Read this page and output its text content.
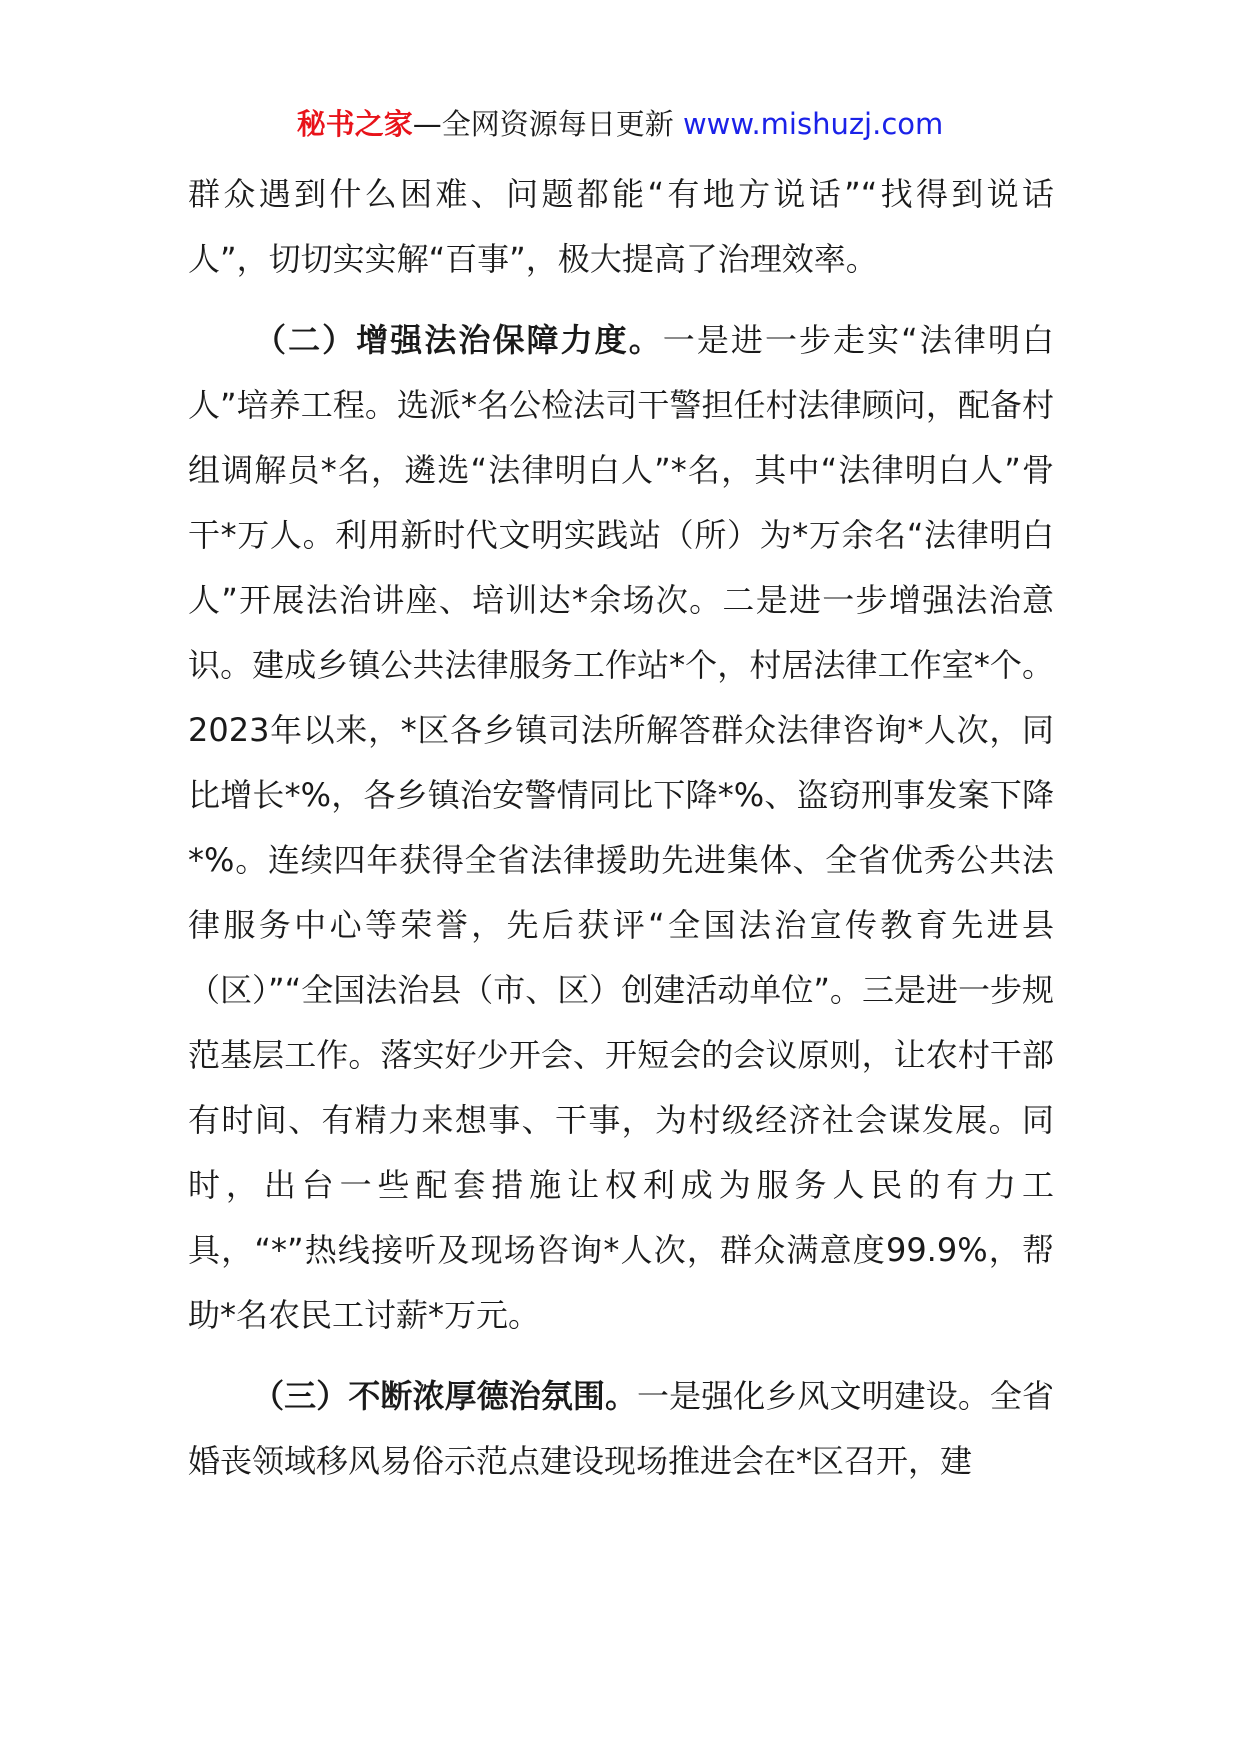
秘书之家—全网资源每日更新 www.mishuzj.com

群众遇到什么困难、问题都能“有地方说话”“找得到说话人”，切切实实解“百事”，极大提高了治理效率。

（二）增强法治保障力度。一是进一步走实“法律明白人”培养工程。选派*名公检法司干警担任村法律顾问，配备村组调解员*名，遴选“法律明白人”*名，其中“法律明白人”骨干*万人。利用新时代文明实践站（所）为*万余名“法律明白人”开展法治讲座、培训达*余场次。二是进一步增强法治意识。建成乡镇公共法律服务工作站*个，村居法律工作室*个。2023年以来，*区各乡镇司法所解答群众法律咨询*人次，同比增长*%，各乡镇治安警情同比下降*%、盗窃刑事发案下降*%。连续四年获得全省法律援助先进集体、全省优秀公共法律服务中心等荣誉，先后获评“全国法治宣传教育先进县（区）”“全国法治县（市、区）创建活动单位”。三是进一步规范基层工作。落实好少开会、开短会的会议原则，让农村干部有时间、有精力来想事、干事，为村级经济社会谋发展。同时，出台一些配套措施让权利成为服务人民的有力工具，“*”热线接听及现场咨询*人次，群众满意度99.9%，帮助*名农民工讨薪*万元。

（三）不断浓厚德治氛围。一是强化乡风文明建设。全省婚丧领域移风易俗示范点建设现场推进会在*区召开，建
